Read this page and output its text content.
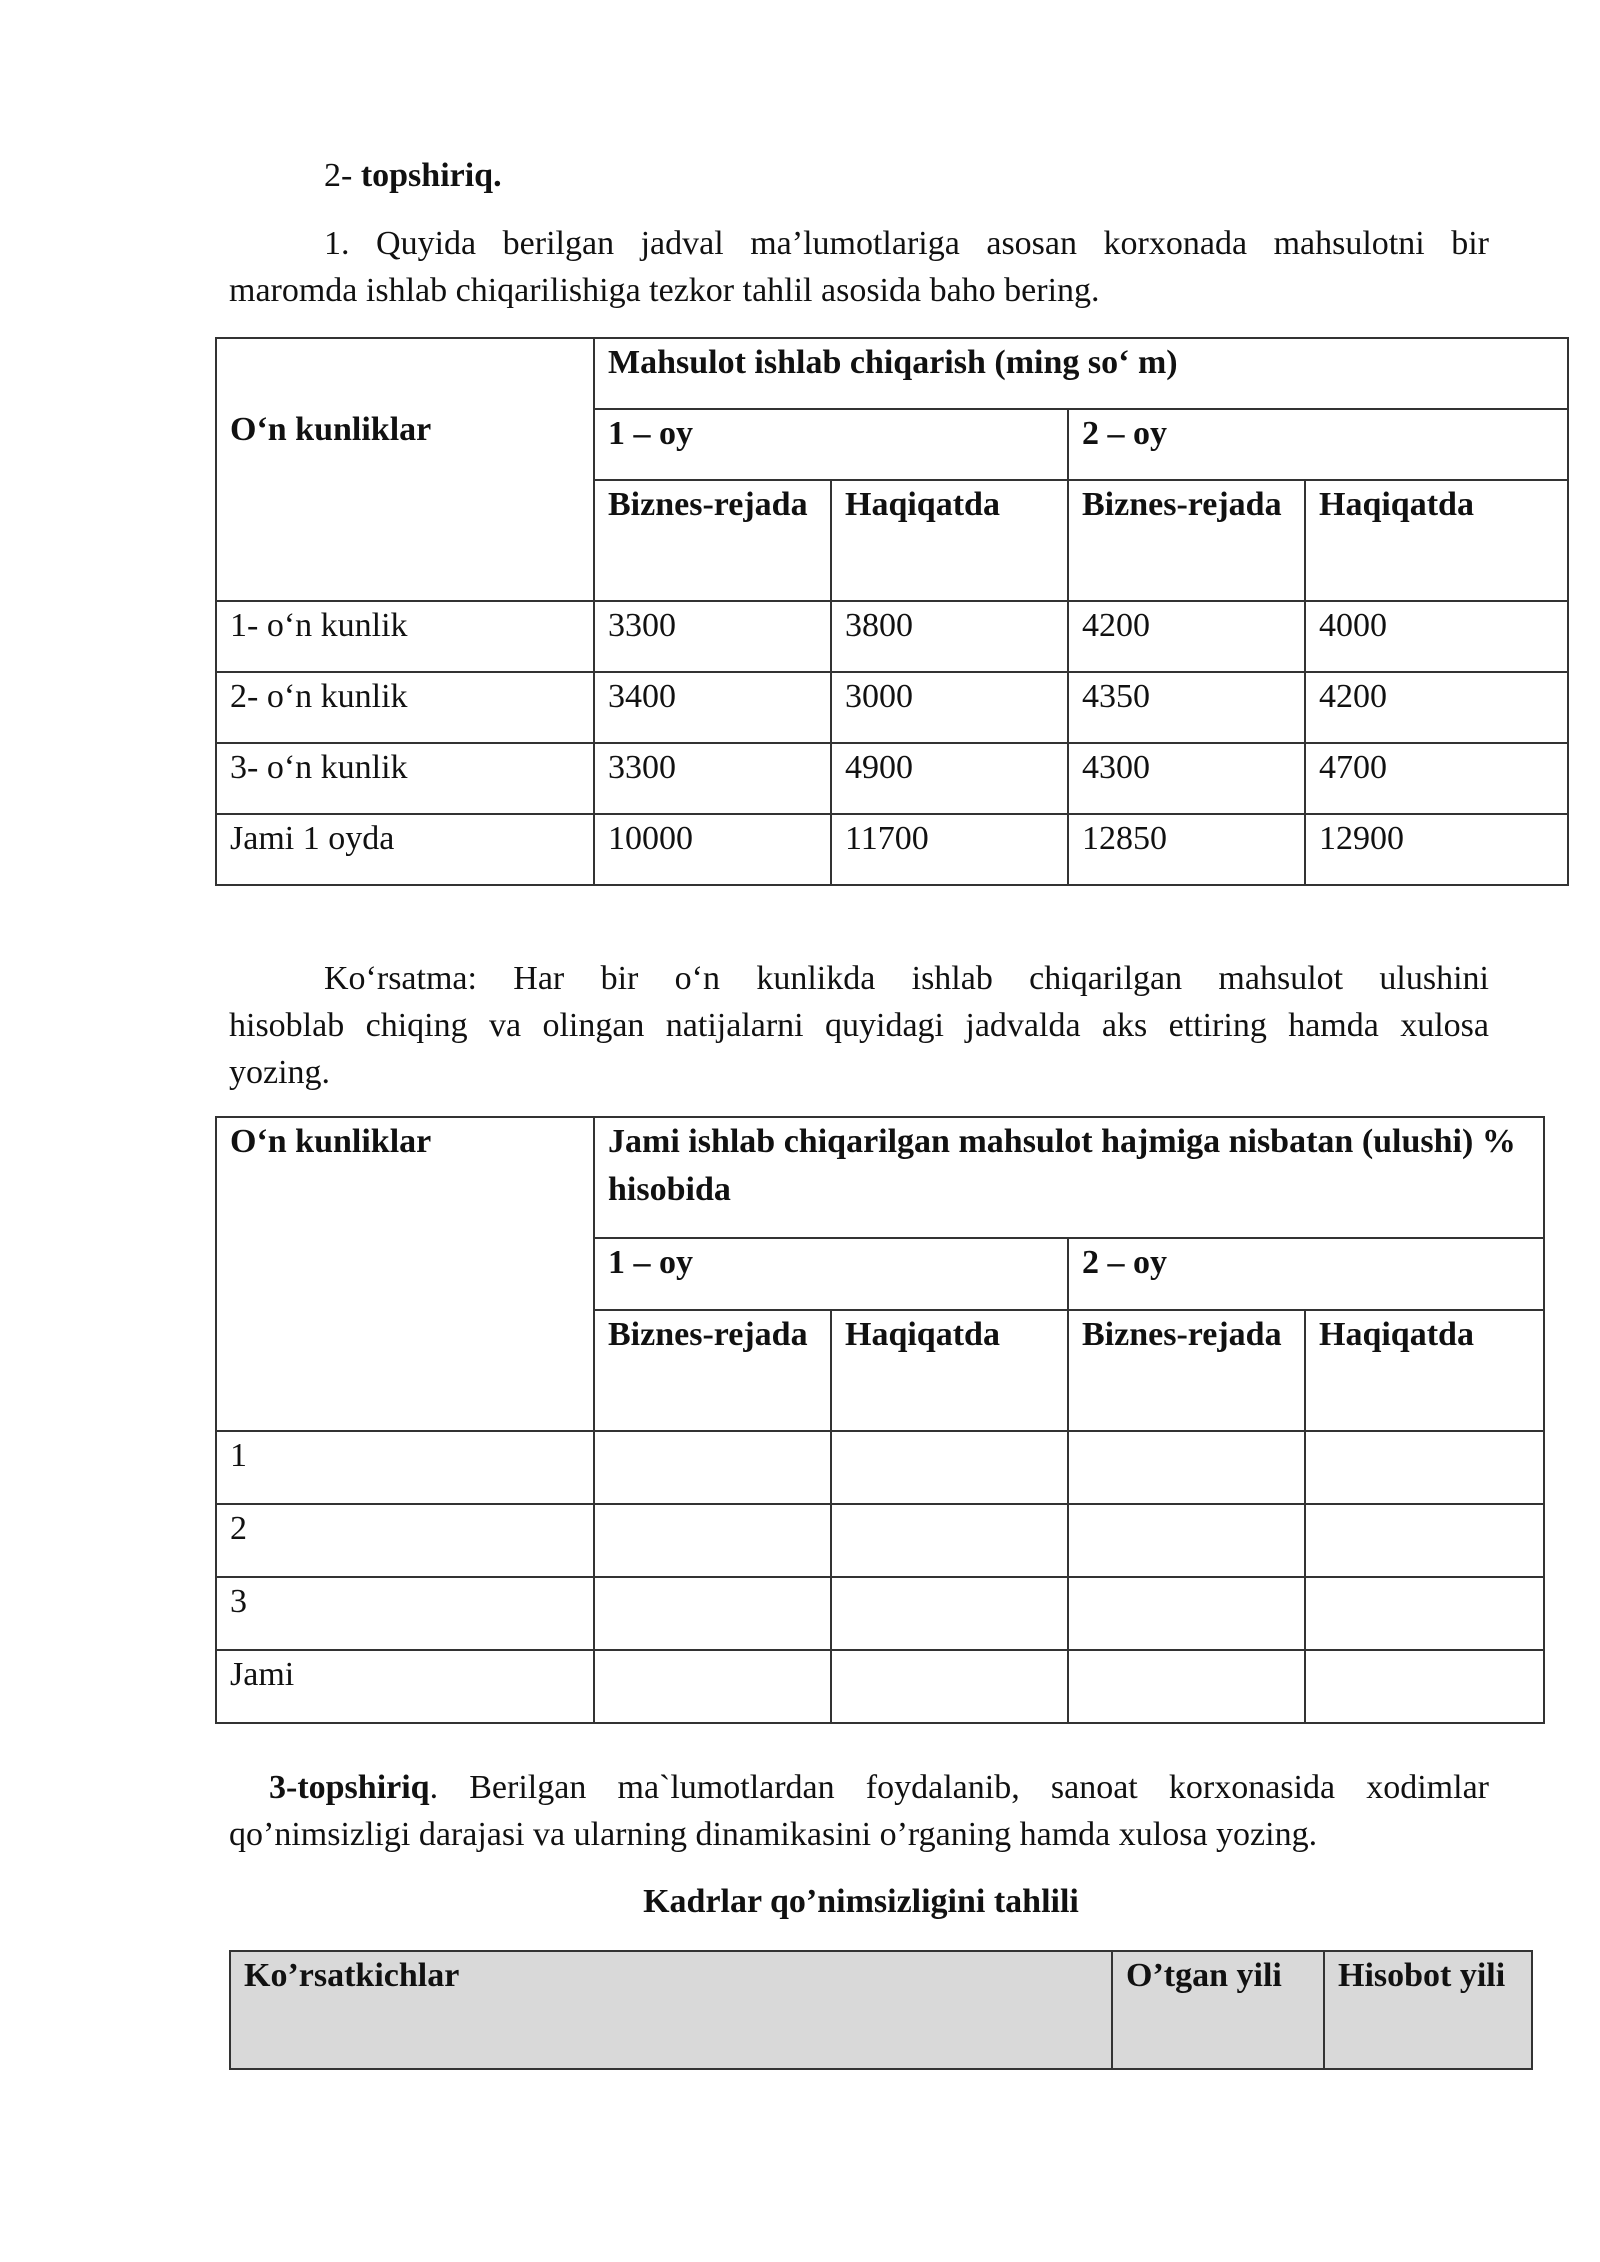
2- topshiriq.
1. Quyida berilgan jadval ma’lumotlariga asosan korxonada mahsulotni bir
maromda ishlab chiqarilishiga tezkor tahlil asosida baho bering.
O‘n kunliklar	Mahsulot ishlab chiqarish (ming so‘ m)			
	1 – oy		2 – oy	
	Biznes-rejada	Haqiqatda	Biznes-rejada	Haqiqatda
1- o‘n kunlik	3300	3800	4200	4000
2- o‘n kunlik	3400	3000	4350	4200
3- o‘n kunlik	3300	4900	4300	4700
Jami 1 oyda	10000	11700	12850	12900
Ko‘rsatma: Har bir o‘n kunlikda ishlab chiqarilgan mahsulot ulushini
hisoblab chiqing va olingan natijalarni quyidagi jadvalda aks ettiring hamda xulosa
yozing.
O‘n kunliklar	Jami ishlab chiqarilgan mahsulot hajmiga nisbatan (ulushi) % hisobida			
	1 – oy		2 – oy	
	Biznes-rejada	Haqiqatda	Biznes-rejada	Haqiqatda
1				
2				
3				
Jami				
3-topshiriq. Berilgan ma`lumotlardan foydalanib, sanoat korxonasida xodimlar
qo’nimsizligi darajasi va ularning dinamikasini o’rganing hamda xulosa yozing.
Kadrlar qo’nimsizligini tahlili
Ko’rsatkichlar	O’tgan yili	Hisobot yili
